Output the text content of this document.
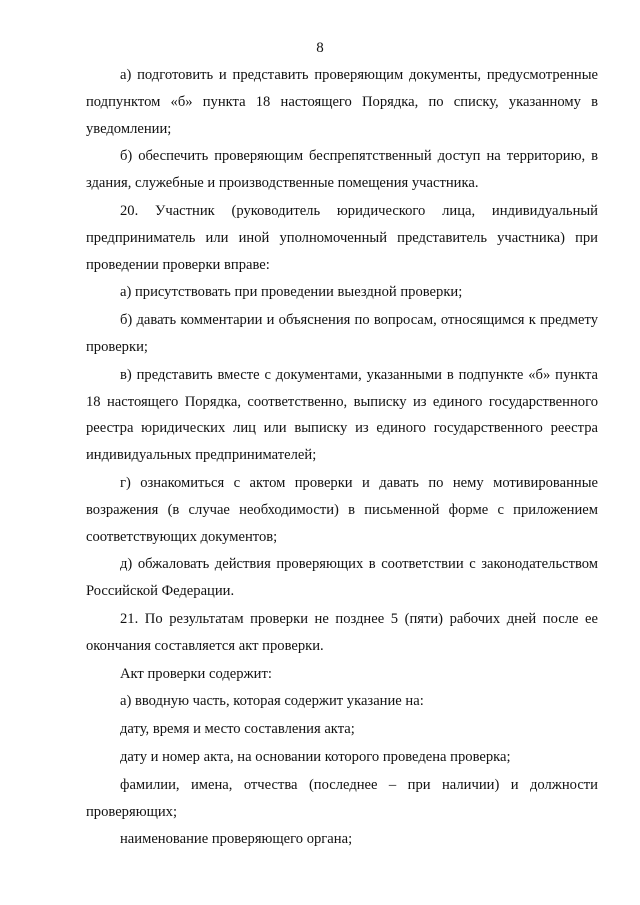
8

а) подготовить и представить проверяющим документы, предусмотренные подпунктом «б» пункта 18 настоящего Порядка, по списку, указанному в уведомлении;

б) обеспечить проверяющим беспрепятственный доступ на территорию, в здания, служебные и производственные помещения участника.

20. Участник (руководитель юридического лица, индивидуальный предприниматель или иной уполномоченный представитель участника) при проведении проверки вправе:

а) присутствовать при проведении выездной проверки;

б) давать комментарии и объяснения по вопросам, относящимся к предмету проверки;

в) представить вместе с документами, указанными в подпункте «б» пункта 18 настоящего Порядка, соответственно, выписку из единого государственного реестра юридических лиц или выписку из единого государственного реестра индивидуальных предпринимателей;

г) ознакомиться с актом проверки и давать по нему мотивированные возражения (в случае необходимости) в письменной форме с приложением соответствующих документов;

д) обжаловать действия проверяющих в соответствии с законодательством Российской Федерации.

21. По результатам проверки не позднее 5 (пяти) рабочих дней после ее окончания составляется акт проверки.

Акт проверки содержит:

а) вводную часть, которая содержит указание на:

дату, время и место составления акта;

дату и номер акта, на основании которого проведена проверка;

фамилии, имена, отчества (последнее – при наличии) и должности проверяющих;

наименование проверяющего органа;
